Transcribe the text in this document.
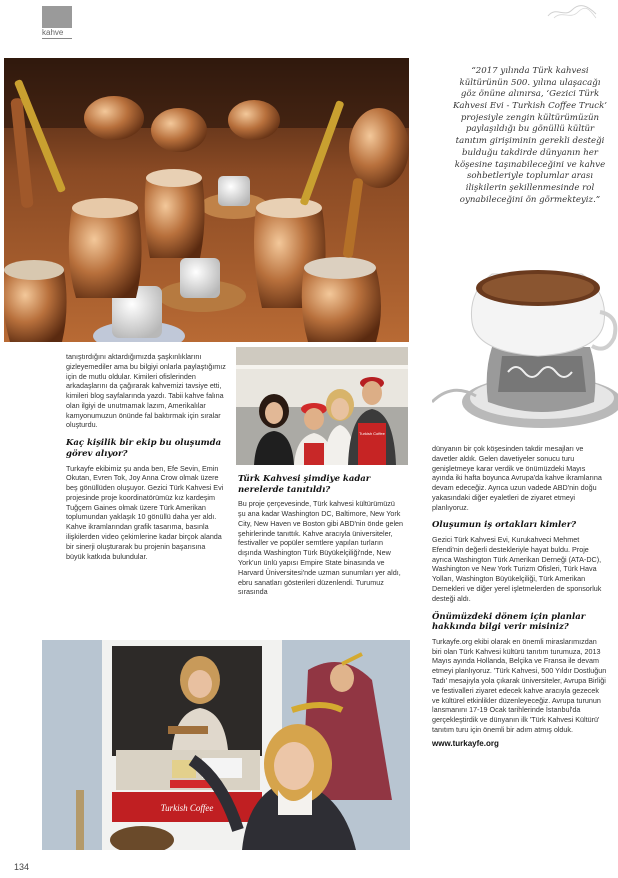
kahve
“2017 yılında Türk kahvesi kültürünün 500. yılına ulaşacağı göz önüne alınırsa, ‘Gezici Türk Kahvesi Evi - Turkish Coffee Truck’ projesiyle zengin kültürümüzün paylaşıldığı bu gönüllü kültür tanıtım girişiminin gerekli desteği bulduğu takdirde dünyanın her köşesine taşınabileceğini ve kahve sohbetleriyle toplumlar arası ilişkilerin şekillenmesinde rol oynabileceğini ön görmekteyiz.”

tanıştırdığını aktardığımızda şaşkınlıklarını gizleyemediler ama bu bilgiyi onlarla paylaştığımız için de mutlu oldular. Kimileri ofislerinden arkadaşlarını da çağırarak kahvemizi tavsiye etti, kimileri blog sayfalarında yazdı. Tabii kahve falına olan ilgiyi de unutmamak lazım, Amerikalılar kamyonumuzun önünde fal baktırmak için sıralar oluşturdu.

Kaç kişilik bir ekip bu oluşumda görev alıyor?

Turkayfe ekibimiz şu anda ben, Efe Sevin, Emin Okutan, Evren Tok, Joy Anna Crow olmak üzere beş gönüllüden oluşuyor. Gezici Türk Kahvesi Evi projesinde proje koordinatörümüz kız kardeşim Tuğçem Gaines olmak üzere Türk Amerikan toplumundan yaklaşık 10 gönüllü daha yer aldı. Kahve ikramlarından grafik tasarıma, basınla ilişkilerden video çekimlerine kadar birçok alanda bir sinerji oluşturarak bu projenin başarısına büyük katkıda bulundular.

Turkish Coffee
Türk Kahvesi şimdiye kadar nerelerde tanıtıldı?

Bu proje çerçevesinde, Türk kahvesi kültürümüzü şu ana kadar Washington DC, Baltimore, New York City, New Haven ve Boston gibi ABD'nin önde gelen şehirlerinde tanıttık. Kahve aracıyla üniversiteler, festivaller ve popüler semtlere yapılan turların dışında Washington Türk Büyükelçiliği'nde, New York'un ünlü yapısı Empire State binasında ve Harvard Üniversitesi'nde uzman sunumları yer aldı, ebru sanatları gösterileri düzenlendi. Turumuz sırasında

dünyanın bir çok köşesinden takdir mesajları ve davetler aldık. Gelen davetiyeler sonucu turu genişletmeye karar verdik ve önümüzdeki Mayıs ayında iki hafta boyunca Avrupa'da kahve ikramlarına devam edeceğiz. Ayrıca uzun vadede ABD'nin doğu yakasındaki diğer eyaletleri de ziyaret etmeyi planlıyoruz.

Oluşumun iş ortakları kimler?

Gezici Türk Kahvesi Evi, Kurukahveci Mehmet Efendi'nin değerli destekleriyle hayat buldu. Proje ayrıca Washington Türk Amerikan Derneği (ATA-DC), Washington ve New York Turizm Ofisleri, Türk Hava Yolları, Washington Büyükelçiliği, Türk Amerikan Dernekleri ve diğer yerel işletmelerden de sponsorluk desteği aldı.

Önümüzdeki dönem için planlar hakkında bilgi verir misiniz?

Turkayfe.org ekibi olarak en önemli miraslarımızdan biri olan Türk Kahvesi kültürü tanıtım turumuza, 2013 Mayıs ayında Hollanda, Belçika ve Fransa ile devam etmeyi planlıyoruz. 'Türk Kahvesi, 500 Yıldır Dostluğun Tadı' mesajıyla yola çıkarak üniversiteler, Avrupa Birliği ve festivalleri ziyaret edecek kahve aracıyla gezecek ve kültürel etkinlikler düzenleyeceğiz. Avrupa turunun lansmanını 17-19 Ocak tarihlerinde İstanbul'da gerçekleştirdik ve dünyanın ilk 'Türk Kahvesi Kültürü' tanıtım turu için önemli bir adım atmış olduk.

www.turkayfe.org
Turkish Coffee
134
